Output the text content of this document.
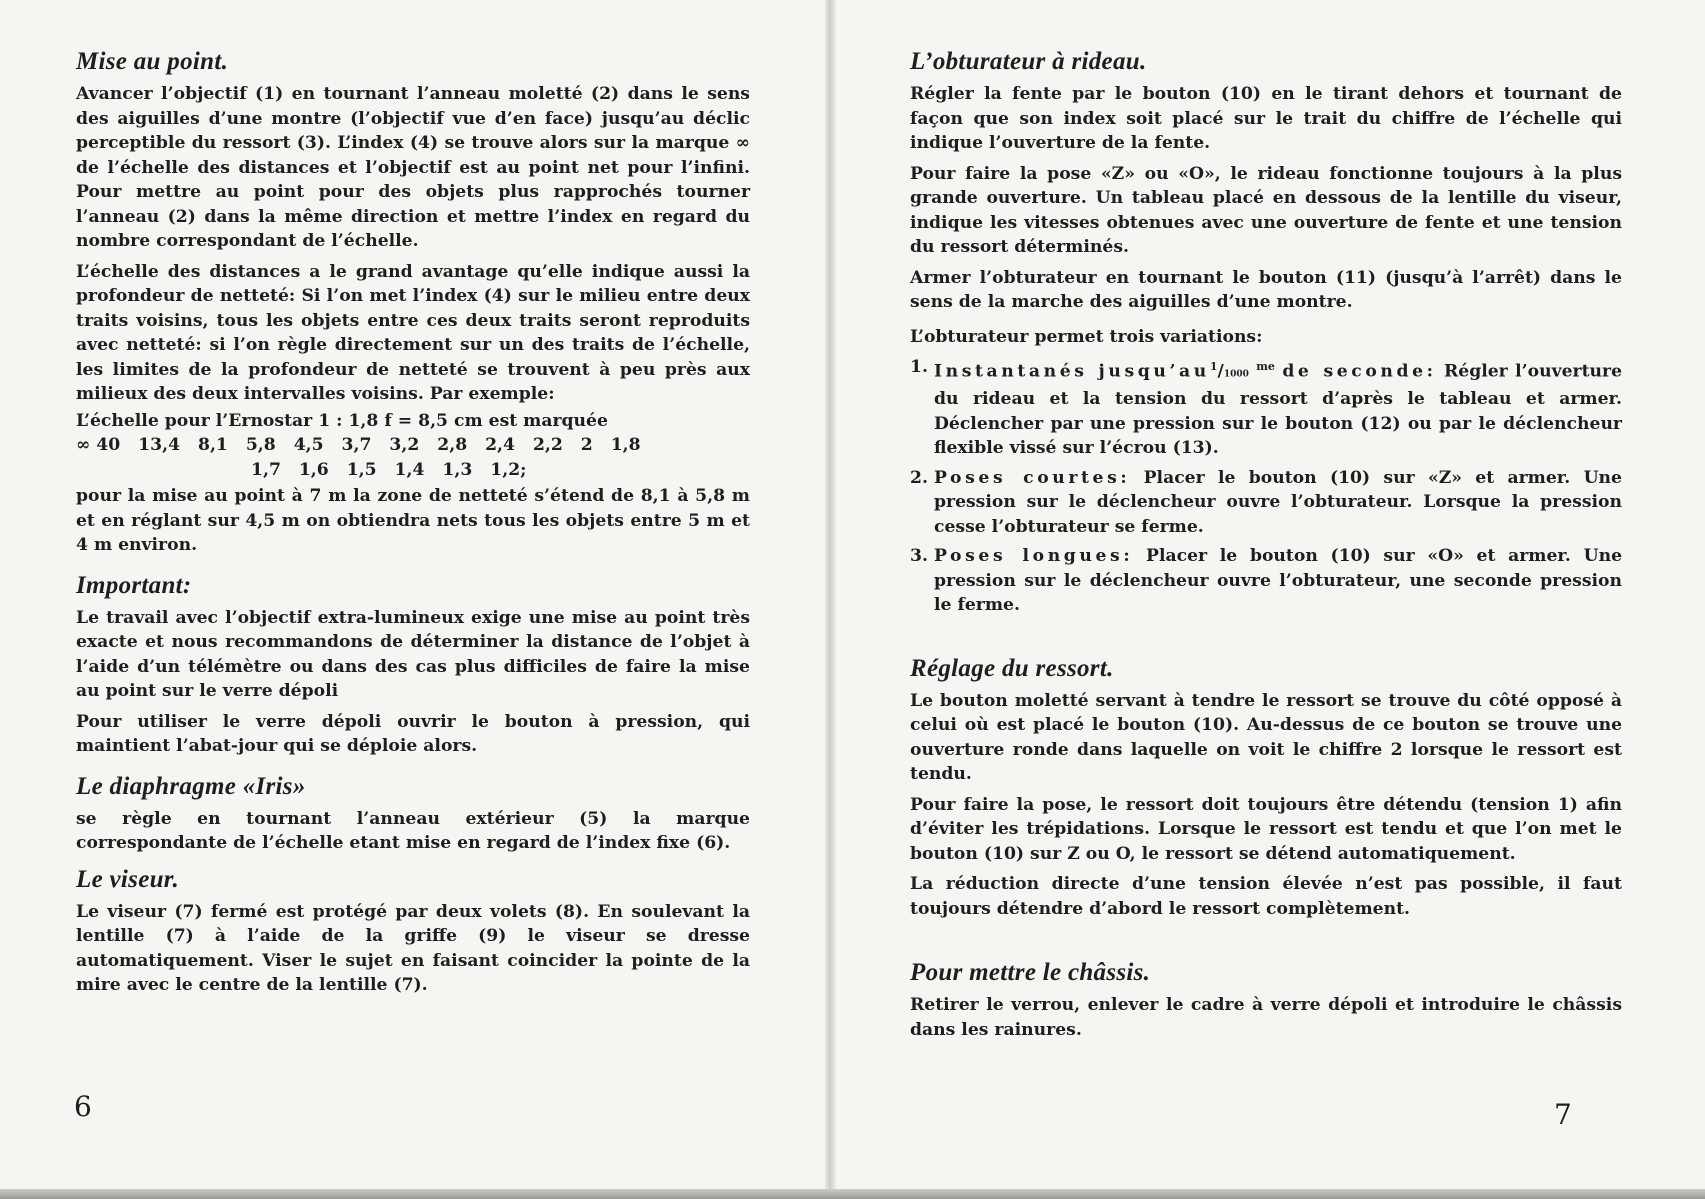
Mise au point.

Avancer l’objectif (1) en tournant l’anneau moletté (2) dans le sens des aiguilles d’une montre (l’objectif vue d’en face) jusqu’au déclic perceptible du ressort (3). L’index (4) se trouve alors sur la marque ∞ de l’échelle des distances et l’objectif est au point net pour l’infini. Pour mettre au point pour des objets plus rapprochés tourner l’anneau (2) dans la même direction et mettre l’index en regard du nombre correspondant de l’échelle.

L’échelle des distances a le grand avantage qu’elle indique aussi la profondeur de netteté: Si l’on met l’index (4) sur le milieu entre deux traits voisins, tous les objets entre ces deux traits seront reproduits avec netteté: si l’on règle directement sur un des traits de l’échelle, les limites de la profondeur de netteté se trouvent à peu près aux milieux des deux intervalles voisins. Par exemple:

L’échelle pour l’Ernostar 1 : 1,8 f = 8,5 cm est marquée

∞ 40   13,4   8,1   5,8   4,5   3,7   3,2   2,8   2,4   2,2   2   1,8
1,7   1,6   1,5   1,4   1,3   1,2;

pour la mise au point à 7 m la zone de netteté s’étend de 8,1 à 5,8 m et en réglant sur 4,5 m on obtiendra nets tous les objets entre 5 m et 4 m environ.

Important:

Le travail avec l’objectif extra-lumineux exige une mise au point très exacte et nous recommandons de déterminer la distance de l’objet à l’aide d’un télémètre ou dans des cas plus difficiles de faire la mise au point sur le verre dépoli

Pour utiliser le verre dépoli ouvrir le bouton à pression, qui maintient l’abat-jour qui se déploie alors.

Le diaphragme «Iris»

se règle en tournant l’anneau extérieur (5) la marque correspondante de l’échelle etant mise en regard de l’index fixe (6).

Le viseur.

Le viseur (7) fermé est protégé par deux volets (8). En soulevant la lentille (7) à l’aide de la griffe (9) le viseur se dresse automatiquement. Viser le sujet en faisant coincider la pointe de la mire avec le centre de la lentille (7).

6
L’obturateur à rideau.

Régler la fente par le bouton (10) en le tirant dehors et tournant de façon que son index soit placé sur le trait du chiffre de l’échelle qui indique l’ouverture de la fente.

Pour faire la pose «Z» ou «O», le rideau fonctionne toujours à la plus grande ouverture. Un tableau placé en dessous de la lentille du viseur, indique les vitesses obtenues avec une ouverture de fente et une tension du ressort déterminés.

Armer l’obturateur en tournant le bouton (11) (jusqu’à l’arrêt) dans le sens de la marche des aiguilles d’une montre.

L’obturateur permet trois variations:

1. Instantanés $jusqu’au^1/1000$ $^{me}$ de seconde: Régler l’ouverture du rideau et la tension du ressort d’après le tableau et armer. Déclencher par une pression sur le bouton (12) ou par le déclencheur flexible vissé sur l’écrou (13).
2. Poses courtes: Placer le bouton (10) sur «Z» et armer. Une pression sur le déclencheur ouvre l’obturateur. Lorsque la pression cesse l’obturateur se ferme.
3. Poses longues: Placer le bouton (10) sur «O» et armer. Une pression sur le déclencheur ouvre l’obturateur, une seconde pression le ferme.
Réglage du ressort.

Le bouton moletté servant à tendre le ressort se trouve du côté opposé à celui où est placé le bouton (10). Au-dessus de ce bouton se trouve une ouverture ronde dans laquelle on voit le chiffre 2 lorsque le ressort est tendu.

Pour faire la pose, le ressort doit toujours être détendu (tension 1) afin d’éviter les trépidations. Lorsque le ressort est tendu et que l’on met le bouton (10) sur Z ou O, le ressort se détend automatiquement.

La réduction directe d’une tension élevée n’est pas possible, il faut toujours détendre d’abord le ressort complètement.

Pour mettre le châssis.

Retirer le verrou, enlever le cadre à verre dépoli et introduire le châssis dans les rainures.

7
